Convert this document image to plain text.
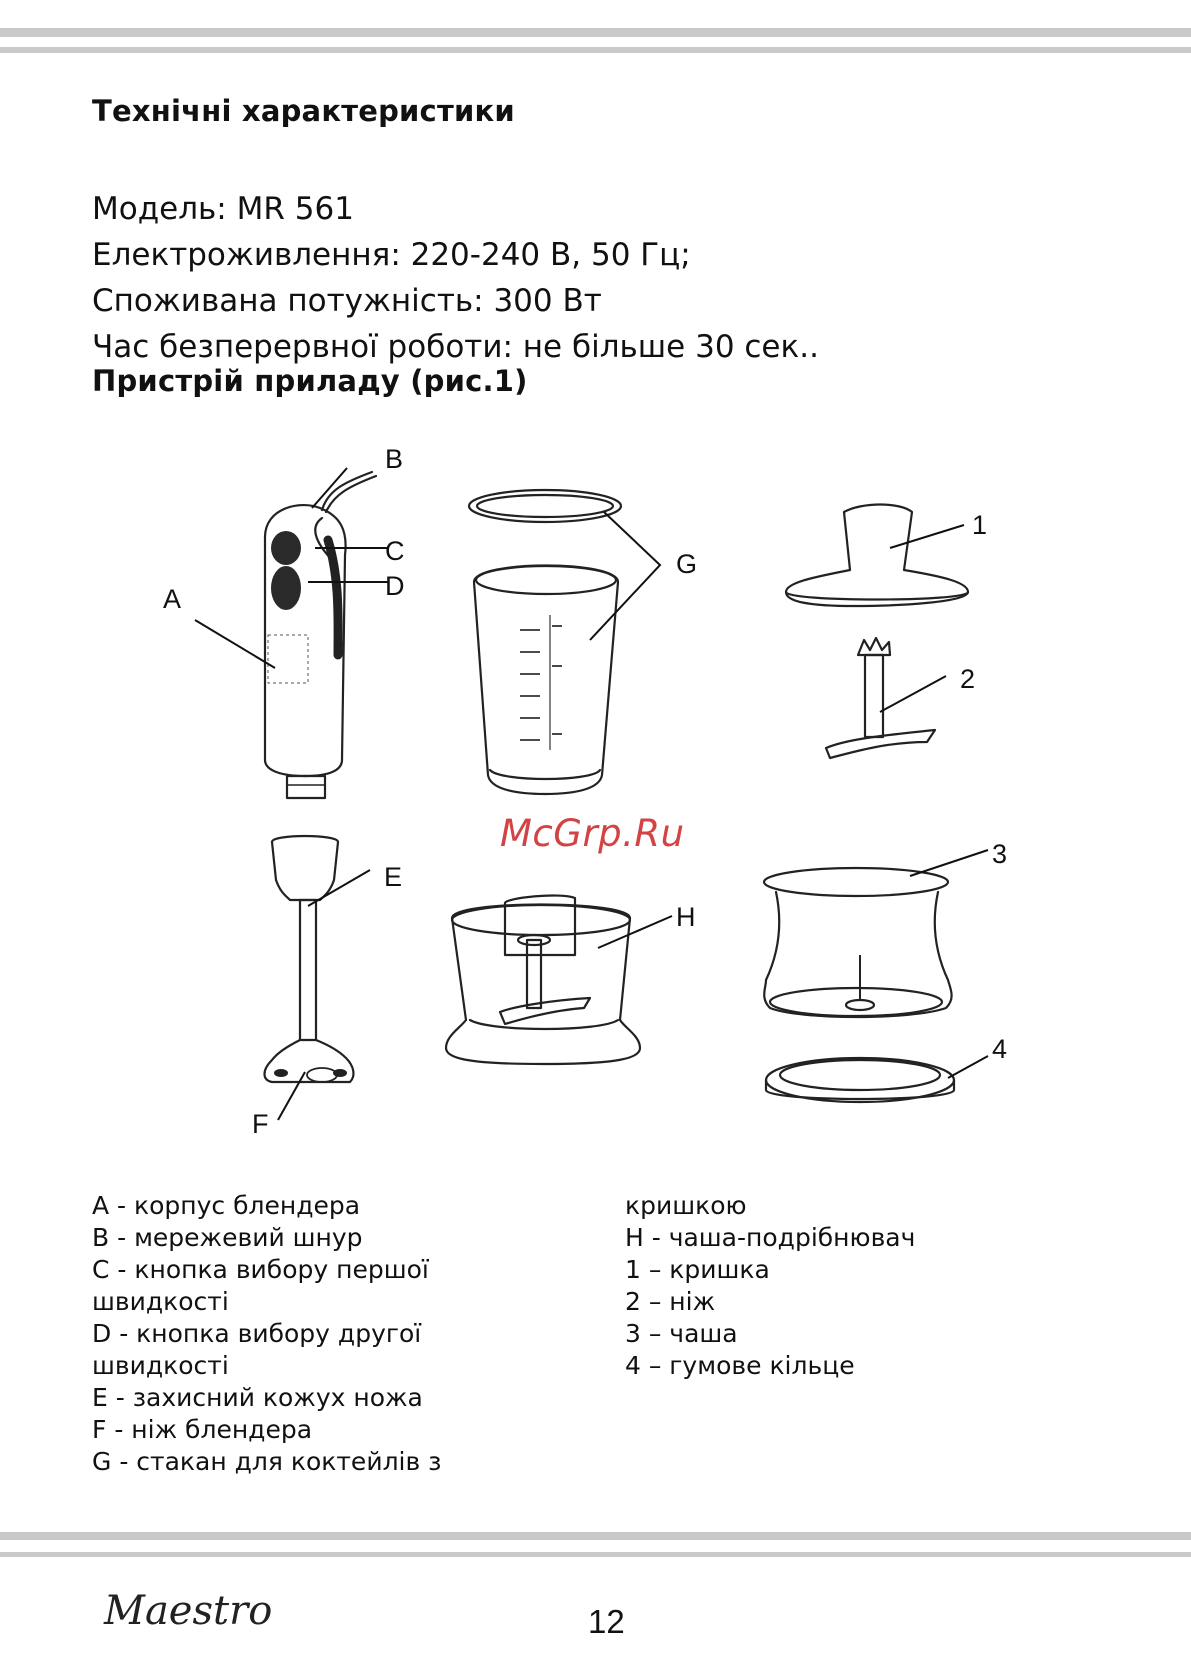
Технічні характеристики
Модель: MR 561
Електроживлення: 220-240 В, 50 Гц;
Споживана потужність: 300 Вт
Час безперервної роботи: не більше 30 сек..
Пристрій приладу (рис.1)
A
B
C
D
E
F
G
H
1
2
3
4
McGrp.Ru
A - корпус блендера
B - мережевий шнур
C - кнопка вибору першої
швидкості
D - кнопка вибору другої
швидкості
E - захисний кожух ножа
F - ніж блендера
G - стакан для коктейлів з
кришкою
H - чаша-подрібнювач
1 – кришка
2 – ніж
3 – чаша
4 – гумове кільце
Maestro	12
